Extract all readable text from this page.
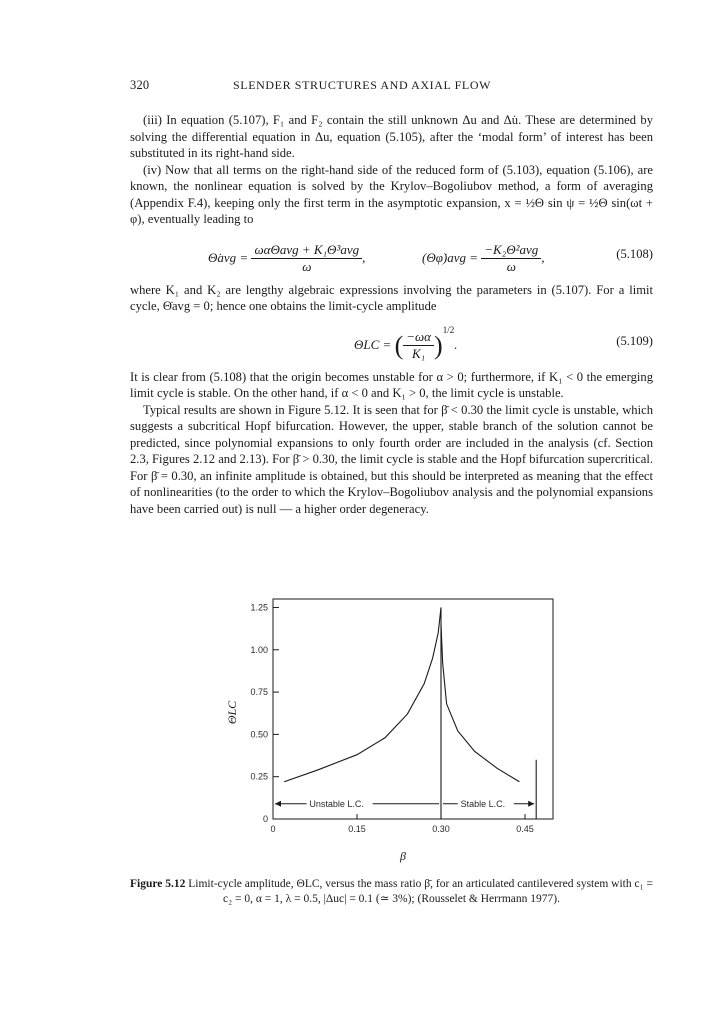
320	SLENDER STRUCTURES AND AXIAL FLOW

(iii) In equation (5.107), F₁ and F₂ contain the still unknown Δu and Δu̇. These are determined by solving the differential equation in Δu, equation (5.105), after the ‘modal form’ of interest has been substituted in its right-hand side.

(iv) Now that all terms on the right-hand side of the reduced form of (5.103), equation (5.106), are known, the nonlinear equation is solved by the Krylov–Bogoliubov method, a form of averaging (Appendix F.4), keeping only the first term in the asymptotic expansion, x = ½Θ sin ψ = ½Θ sin(ωt + φ), eventually leading to

Θ̇avg = $\frac{\text{ωαΘavg + K₁Θ³avg}}{\omega}$ ,	(Θφ̇)avg = $\frac{\text{−K₂Θ²avg}}{\omega}$ ,	(5.108)

where K₁ and K₂ are lengthy algebraic expressions involving the parameters in (5.107). For a limit cycle, Θ̇avg = 0; hence one obtains the limit-cycle amplitude

ΘLC = ( $\frac{-\omega\alpha}{\text{K₁}} )^{1/2}$.	(5.109)

It is clear from (5.108) that the origin becomes unstable for α > 0; furthermore, if K₁ < 0 the emerging limit cycle is stable. On the other hand, if α < 0 and K₁ > 0, the limit cycle is unstable.

Typical results are shown in Figure 5.12. It is seen that for β̄ < 0.30 the limit cycle is unstable, which suggests a subcritical Hopf bifurcation. However, the upper, stable branch of the solution cannot be predicted, since polynomial expansions to only fourth order are included in the analysis (cf. Section 2.3, Figures 2.12 and 2.13). For β̄ > 0.30, the limit cycle is stable and the Hopf bifurcation supercritical. For β̄ = 0.30, an infinite amplitude is obtained, but this should be interpreted as meaning that the effect of nonlinearities (to the order to which the Krylov–Bogoliubov analysis and the polynomial expansions have been carried out) is null — a higher order degeneracy.

0
0.25
1.00
0.75
0.50
1.25
0	0.15	0.30	0.45
Unstable L.C.	Stable L.C.
ΘLC
β
Figure 5.12 Limit-cycle amplitude, ΘLC, versus the mass ratio β̄, for an articulated cantilevered system with c₁ = c₂ = 0, α = 1, λ = 0.5, |Δuc| = 0.1 (≃ 3%); (Rousselet & Herrmann 1977).
